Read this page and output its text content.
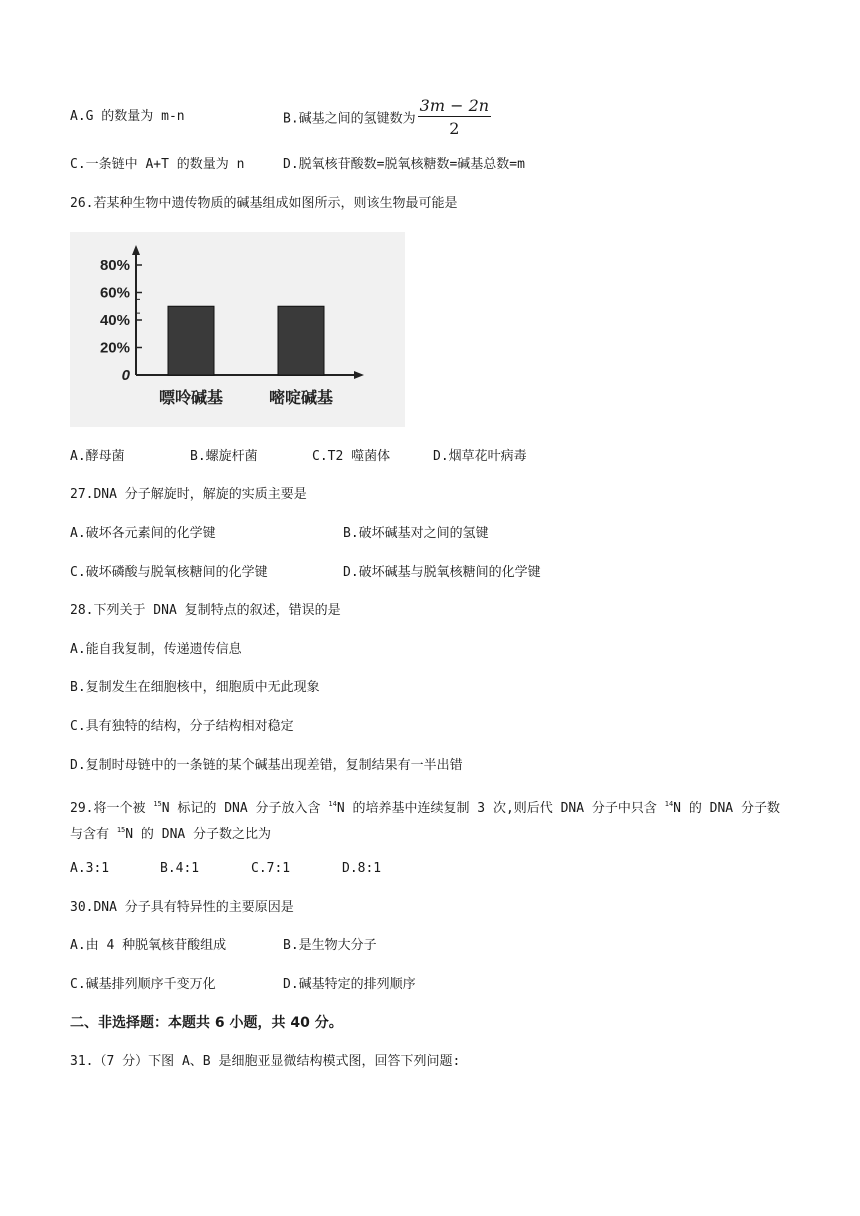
A.G 的数量为 m-n	B.碱基之间的氢键数为 $\frac{3m - 2n}{2}$
C.一条链中 A+T 的数量为 n	D.脱氧核苷酸数=脱氧核糖数=碱基总数=m
26.若某种生物中遗传物质的碱基组成如图所示，则该生物最可能是
80%
60%
40%
20%
0
嘌呤碱基	嘧啶碱基
A.酵母菌	B.螺旋杆菌	C.T2 噬菌体	D.烟草花叶病毒
27.DNA 分子解旋时，解旋的实质主要是
A.破坏各元素间的化学键	B.破坏碱基对之间的氢键
C.破坏磷酸与脱氧核糖间的化学键	D.破坏碱基与脱氧核糖间的化学键
28.下列关于 DNA 复制特点的叙述，错误的是
A.能自我复制，传递遗传信息
B.复制发生在细胞核中，细胞质中无此现象
C.具有独特的结构，分子结构相对稳定
D.复制时母链中的一条链的某个碱基出现差错，复制结果有一半出错
29.将一个被 $^{15}$N 标记的 DNA 分子放入含 $^{14}$N 的培养基中连续复制 3 次,则后代 DNA 分子中只含 $^{14}$N 的 DNA 分子数
与含有 $^{15}$N 的 DNA 分子数之比为
A.3:1	B.4:1	C.7:1	D.8:1
30.DNA 分子具有特异性的主要原因是
A.由 4 种脱氧核苷酸组成	B.是生物大分子
C.碱基排列顺序千变万化	D.碱基特定的排列顺序
二、非选择题：本题共 6 小题，共 40 分。
31.（7 分）下图 A、B 是细胞亚显微结构模式图，回答下列问题:
